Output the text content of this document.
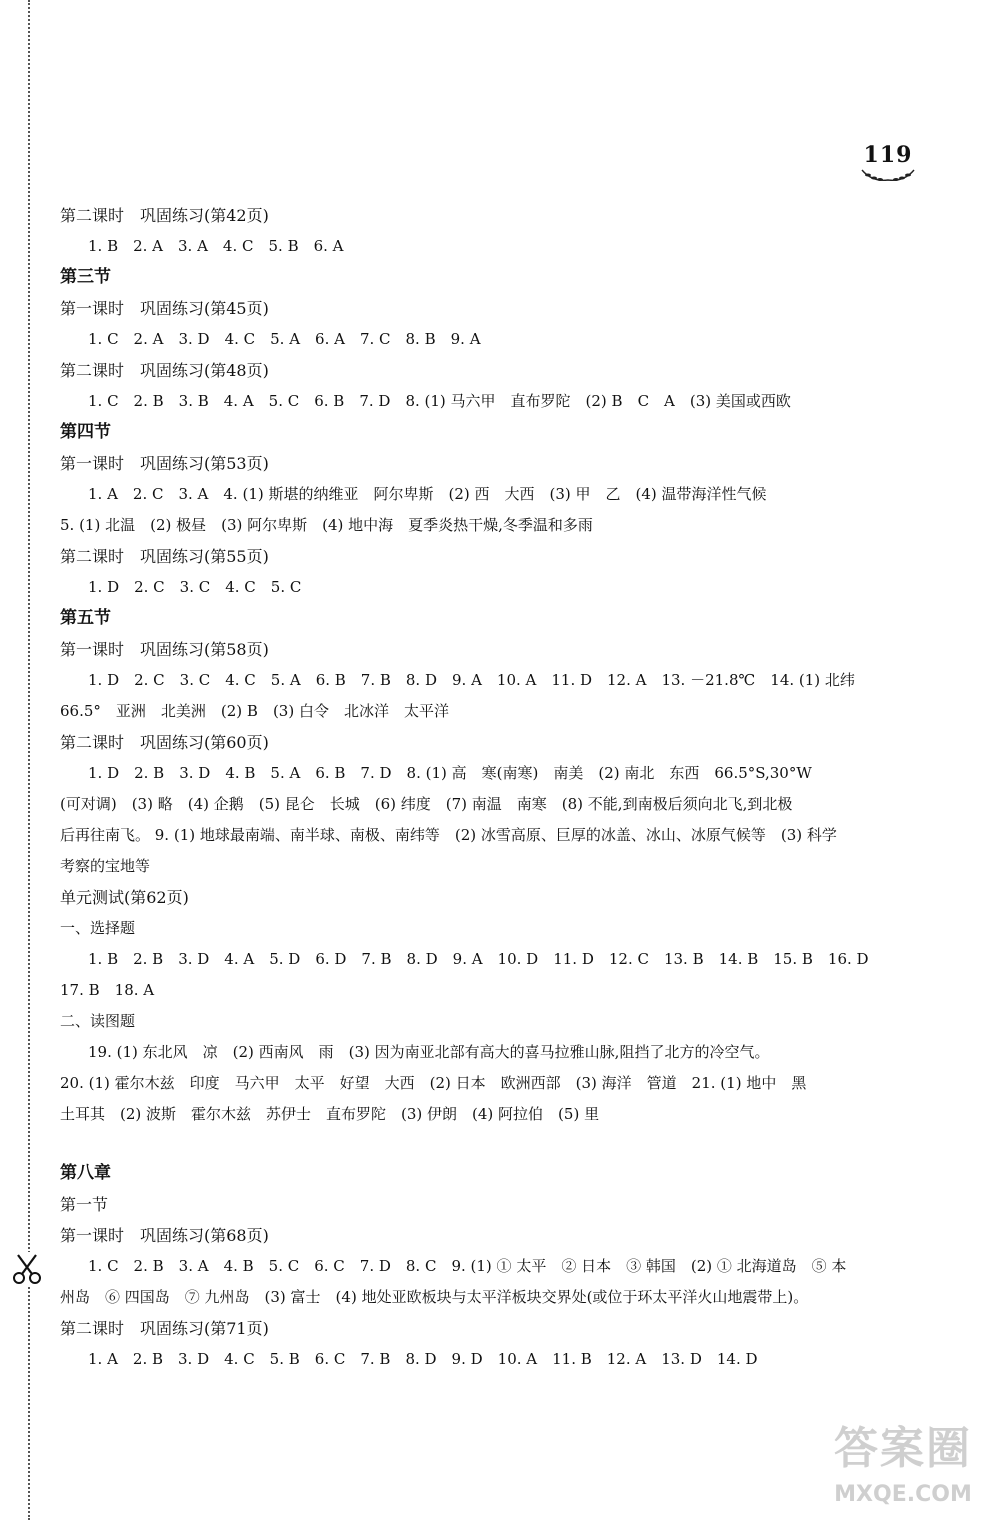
119
第二课时　巩固练习(第42页)
1. B　2. A　3. A　4. C　5. B　6. A
第三节
第一课时　巩固练习(第45页)
1. C　2. A　3. D　4. C　5. A　6. A　7. C　8. B　9. A
第二课时　巩固练习(第48页)
1. C　2. B　3. B　4. A　5. C　6. B　7. D　8. (1) 马六甲　直布罗陀　(2) B　C　A　(3) 美国或西欧
第四节
第一课时　巩固练习(第53页)
1. A　2. C　3. A　4. (1) 斯堪的纳维亚　阿尔卑斯　(2) 西　大西　(3) 甲　乙　(4) 温带海洋性气候
5. (1) 北温　(2) 极昼　(3) 阿尔卑斯　(4) 地中海　夏季炎热干燥,冬季温和多雨
第二课时　巩固练习(第55页)
1. D　2. C　3. C　4. C　5. C
第五节
第一课时　巩固练习(第58页)
1. D　2. C　3. C　4. C　5. A　6. B　7. B　8. D　9. A　10. A　11. D　12. A　13. －21.8℃　14. (1) 北纬
66.5°　亚洲　北美洲　(2) B　(3) 白令　北冰洋　太平洋
第二课时　巩固练习(第60页)
1. D　2. B　3. D　4. B　5. A　6. B　7. D　8. (1) 高　寒(南寒)　南美　(2) 南北　东西　66.5°S,30°W
(可对调)　(3) 略　(4) 企鹅　(5) 昆仑　长城　(6) 纬度　(7) 南温　南寒　(8) 不能,到南极后须向北飞,到北极
后再往南飞。 9. (1) 地球最南端、南半球、南极、南纬等　(2) 冰雪高原、巨厚的冰盖、冰山、冰原气候等　(3) 科学
考察的宝地等
单元测试(第62页)
一、选择题
1. B　2. B　3. D　4. A　5. D　6. D　7. B　8. D　9. A　10. D　11. D　12. C　13. B　14. B　15. B　16. D
17. B　18. A
二、读图题
19. (1) 东北风　凉　(2) 西南风　雨　(3) 因为南亚北部有高大的喜马拉雅山脉,阻挡了北方的冷空气。
20. (1) 霍尔木兹　印度　马六甲　太平　好望　大西　(2) 日本　欧洲西部　(3) 海洋　管道　21. (1) 地中　黑
土耳其　(2) 波斯　霍尔木兹　苏伊士　直布罗陀　(3) 伊朗　(4) 阿拉伯　(5) 里
第八章
第一节
第一课时　巩固练习(第68页)
1. C　2. B　3. A　4. B　5. C　6. C　7. D　8. C　9. (1) ① 太平　② 日本　③ 韩国　(2) ① 北海道岛　⑤ 本
州岛　⑥ 四国岛　⑦ 九州岛　(3) 富士　(4) 地处亚欧板块与太平洋板块交界处(或位于环太平洋火山地震带上)。
第二课时　巩固练习(第71页)
1. A　2. B　3. D　4. C　5. B　6. C　7. B　8. D　9. D　10. A　11. B　12. A　13. D　14. D
答案圈
MXQE.COM
